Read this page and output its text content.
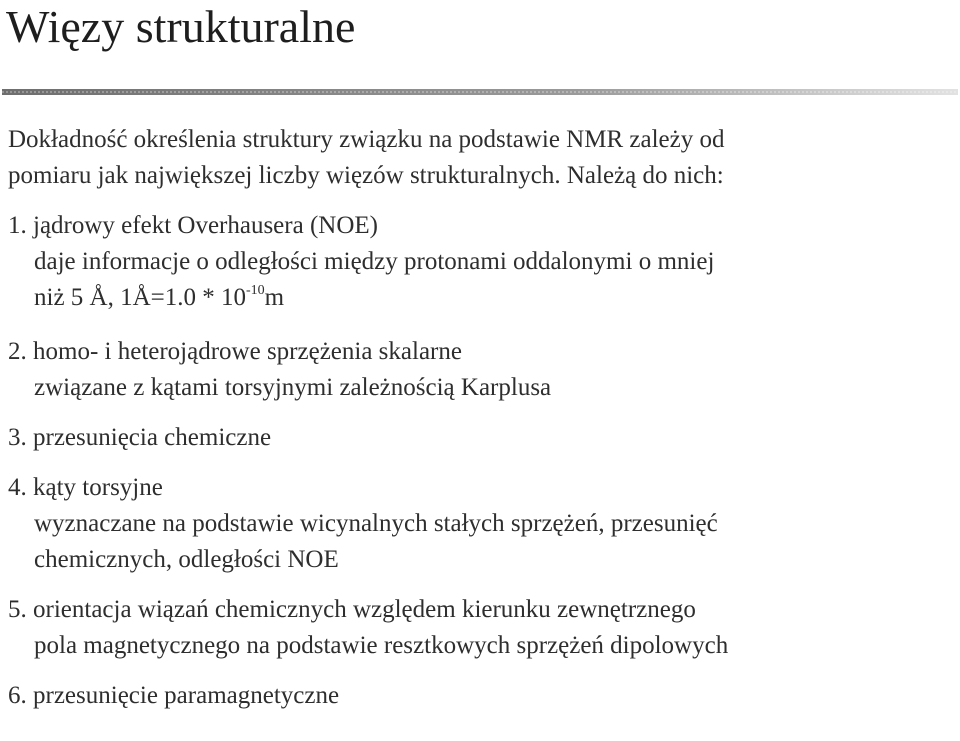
Więzy strukturalne
Dokładność określenia struktury związku na podstawie NMR zależy od
pomiaru jak największej liczby więzów strukturalnych. Należą do nich:
1. jądrowy efekt Overhausera (NOE)
daje informacje o odległości między protonami oddalonymi o mniej
niż 5 Å, 1Å=1.0 * $10^{-10}m$
2. homo- i heterojądrowe sprzężenia skalarne
związane z kątami torsyjnymi zależnością Karplusa
3. przesunięcia chemiczne
4. kąty torsyjne
wyznaczane na podstawie wicynalnych stałych sprzężeń, przesunięć
chemicznych, odległości NOE
5. orientacja wiązań chemicznych względem kierunku zewnętrznego
pola magnetycznego na podstawie resztkowych sprzężeń dipolowych
6. przesunięcie paramagnetyczne
